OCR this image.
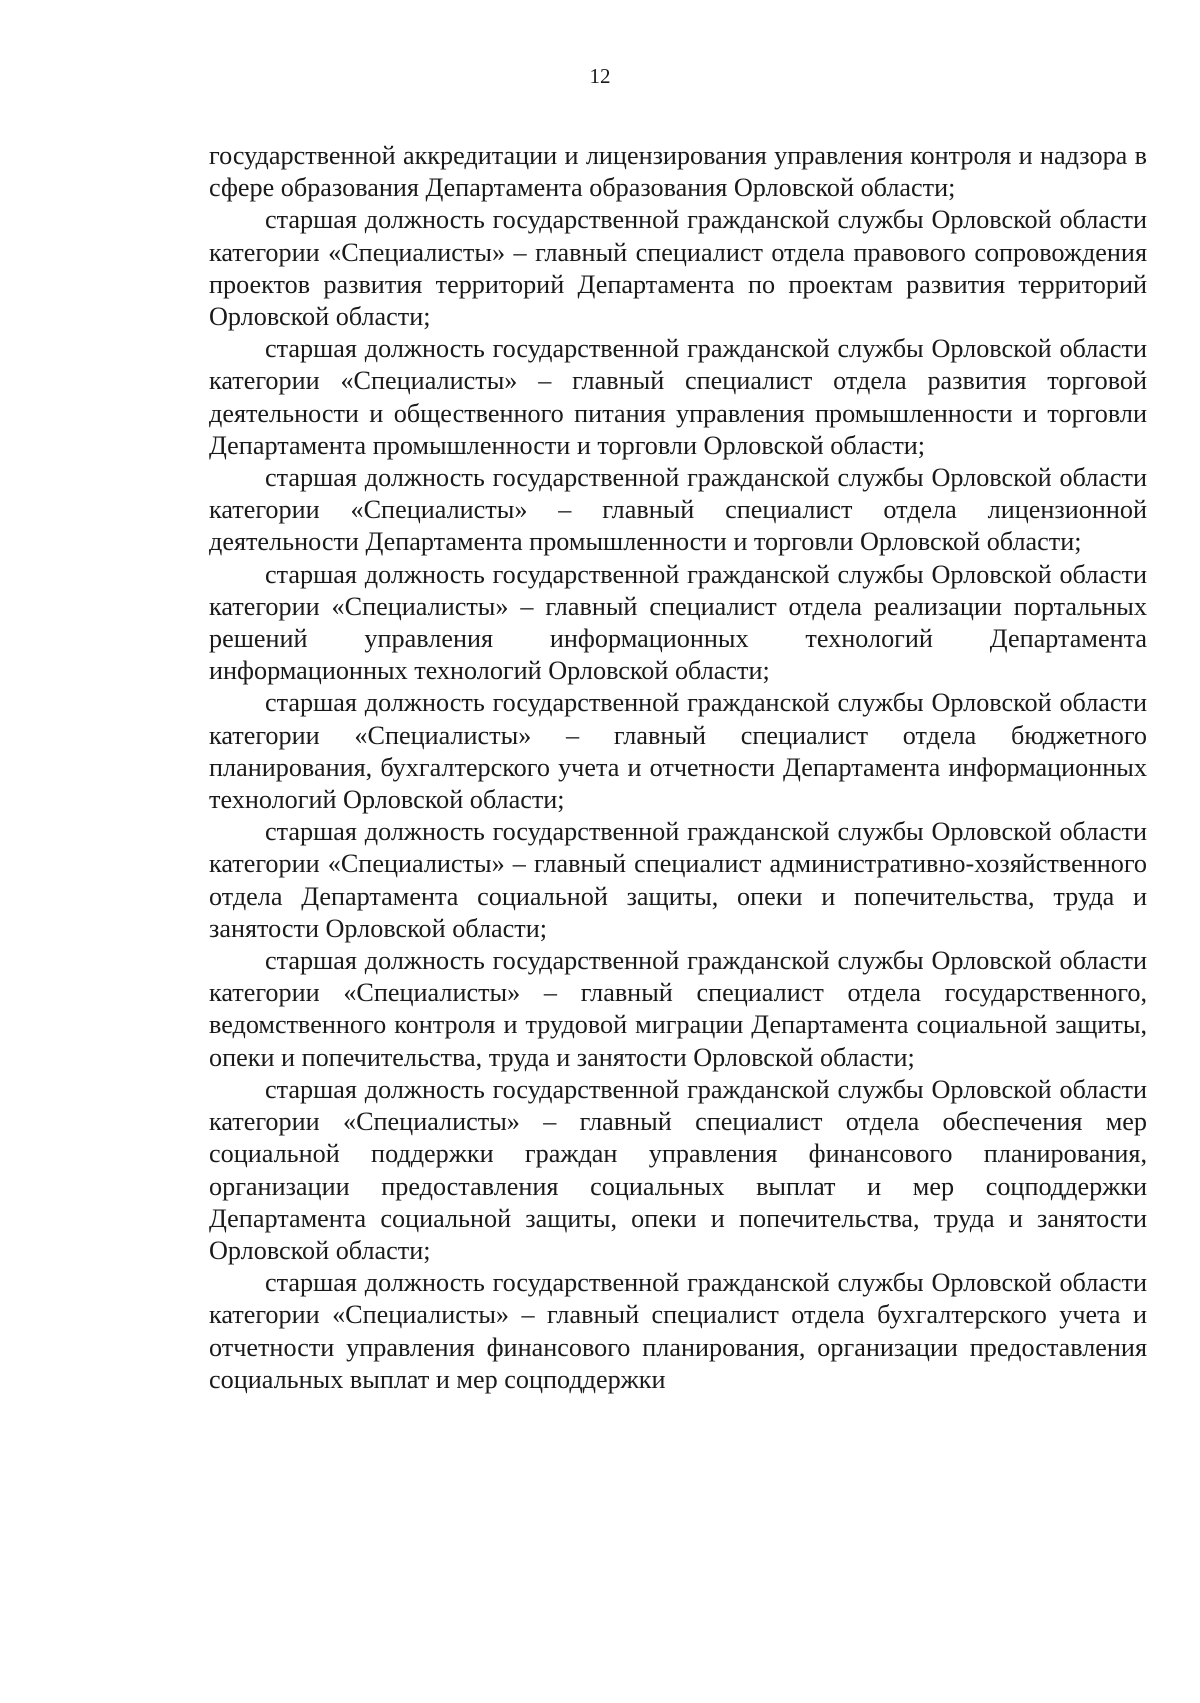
12

государственной аккредитации и лицензирования управления контроля и надзора в сфере образования Департамента образования Орловской области;

старшая должность государственной гражданской службы Орловской области категории «Специалисты» – главный специалист отдела правового сопровождения проектов развития территорий Департамента по проектам развития территорий Орловской области;

старшая должность государственной гражданской службы Орловской области категории «Специалисты» – главный специалист отдела развития торговой деятельности и общественного питания управления промышленности и торговли Департамента промышленности и торговли Орловской области;

старшая должность государственной гражданской службы Орловской области категории «Специалисты» – главный специалист отдела лицензионной деятельности Департамента промышленности и торговли Орловской области;

старшая должность государственной гражданской службы Орловской области категории «Специалисты» – главный специалист отдела реализации портальных решений управления информационных технологий Департамента информационных технологий Орловской области;

старшая должность государственной гражданской службы Орловской области категории «Специалисты» – главный специалист отдела бюджетного планирования, бухгалтерского учета и отчетности Департамента информационных технологий Орловской области;

старшая должность государственной гражданской службы Орловской области категории «Специалисты» – главный специалист административно-хозяйственного отдела Департамента социальной защиты, опеки и попечительства, труда и занятости Орловской области;

старшая должность государственной гражданской службы Орловской области категории «Специалисты» – главный специалист отдела государственного, ведомственного контроля и трудовой миграции Департамента социальной защиты, опеки и попечительства, труда и занятости Орловской области;

старшая должность государственной гражданской службы Орловской области категории «Специалисты» – главный специалист отдела обеспечения мер социальной поддержки граждан управления финансового планирования, организации предоставления социальных выплат и мер соцподдержки Департамента социальной защиты, опеки и попечительства, труда и занятости Орловской области;

старшая должность государственной гражданской службы Орловской области категории «Специалисты» – главный специалист отдела бухгалтерского учета и отчетности управления финансового планирования, организации предоставления социальных выплат и мер соцподдержки
